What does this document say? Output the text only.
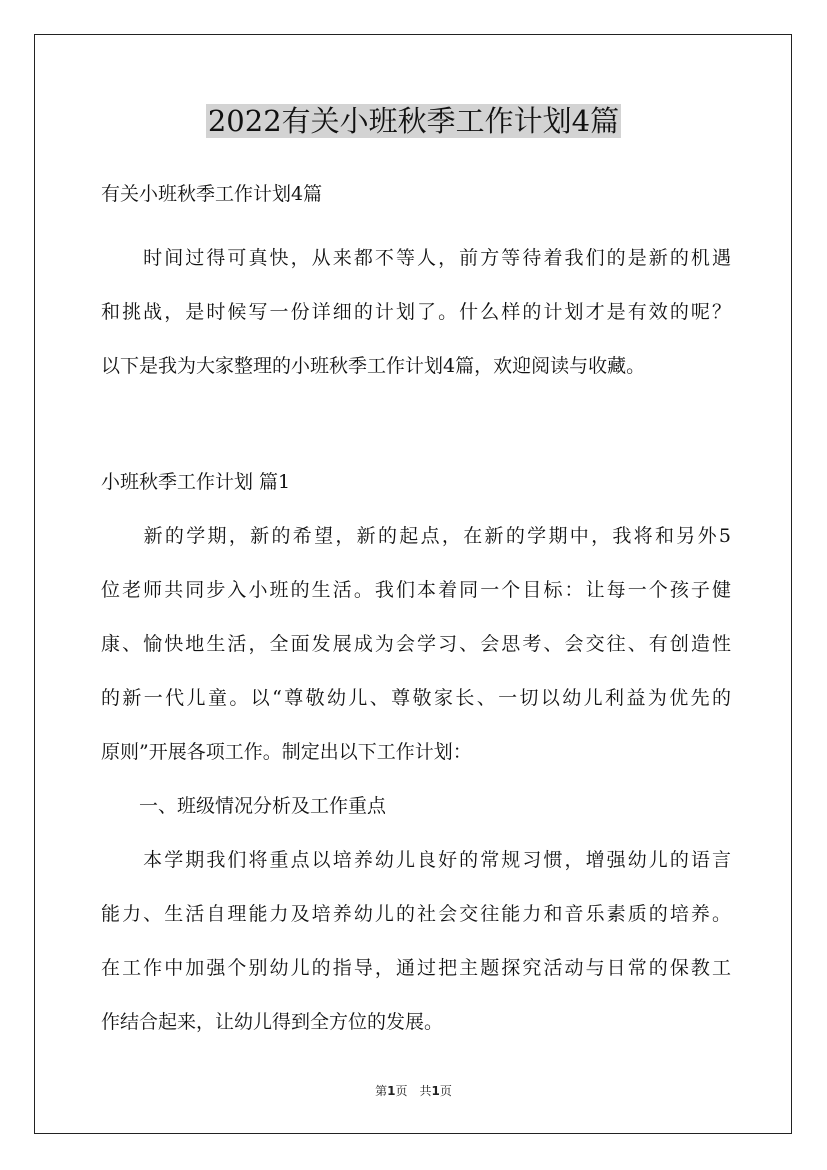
2022有关小班秋季工作计划4篇
有关小班秋季工作计划4篇
　　时间过得可真快，从来都不等人，前方等待着我们的是新的机遇
和挑战，是时候写一份详细的计划了。什么样的计划才是有效的呢？
以下是我为大家整理的小班秋季工作计划4篇，欢迎阅读与收藏。
小班秋季工作计划 篇1
　　新的学期，新的希望，新的起点，在新的学期中，我将和另外5
位老师共同步入小班的生活。我们本着同一个目标：让每一个孩子健
康、愉快地生活，全面发展成为会学习、会思考、会交往、有创造性
的新一代儿童。以“尊敬幼儿、尊敬家长、一切以幼儿利益为优先的
原则”开展各项工作。制定出以下工作计划：
　　一、班级情况分析及工作重点
　　本学期我们将重点以培养幼儿良好的常规习惯，增强幼儿的语言
能力、生活自理能力及培养幼儿的社会交往能力和音乐素质的培养。
在工作中加强个别幼儿的指导，通过把主题探究活动与日常的保教工
作结合起来，让幼儿得到全方位的发展。
第1页　共1页
